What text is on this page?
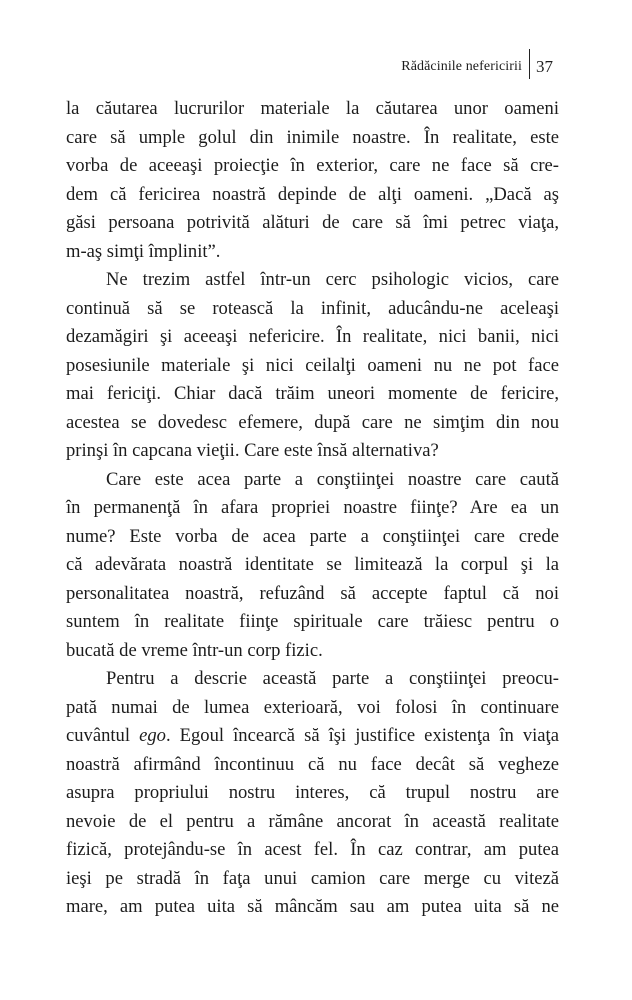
Rădăcinile nefericirii 37

la căutarea lucrurilor materiale la căutarea unor oameni
care să umple golul din inimile noastre. În realitate, este
vorba de aceeaşi proiecţie în exterior, care ne face să cre-
dem că fericirea noastră depinde de alţi oameni. „Dacă aş
găsi persoana potrivită alături de care să îmi petrec viaţa,
m-aş simţi împlinit”.

Ne trezim astfel într-un cerc psihologic vicios, care
continuă să se rotească la infinit, aducându-ne aceleaşi
dezamăgiri şi aceeaşi nefericire. În realitate, nici banii, nici
posesiunile materiale şi nici ceilalţi oameni nu ne pot face
mai fericiţi. Chiar dacă trăim uneori momente de fericire,
acestea se dovedesc efemere, după care ne simţim din nou
prinşi în capcana vieţii. Care este însă alternativa?

Care este acea parte a conştiinţei noastre care caută
în permanenţă în afara propriei noastre fiinţe? Are ea un
nume? Este vorba de acea parte a conştiinţei care crede
că adevărata noastră identitate se limitează la corpul şi la
personalitatea noastră, refuzând să accepte faptul că noi
suntem în realitate fiinţe spirituale care trăiesc pentru o
bucată de vreme într-un corp fizic.

Pentru a descrie această parte a conştiinţei preocu-
pată numai de lumea exterioară, voi folosi în continuare
cuvântul ego. Egoul încearcă să îşi justifice existenţa în viaţa
noastră afirmând încontinuu că nu face decât să vegheze
asupra propriului nostru interes, că trupul nostru are
nevoie de el pentru a rămâne ancorat în această realitate
fizică, protejându-se în acest fel. În caz contrar, am putea
ieşi pe stradă în faţa unui camion care merge cu viteză
mare, am putea uita să mâncăm sau am putea uita să ne
